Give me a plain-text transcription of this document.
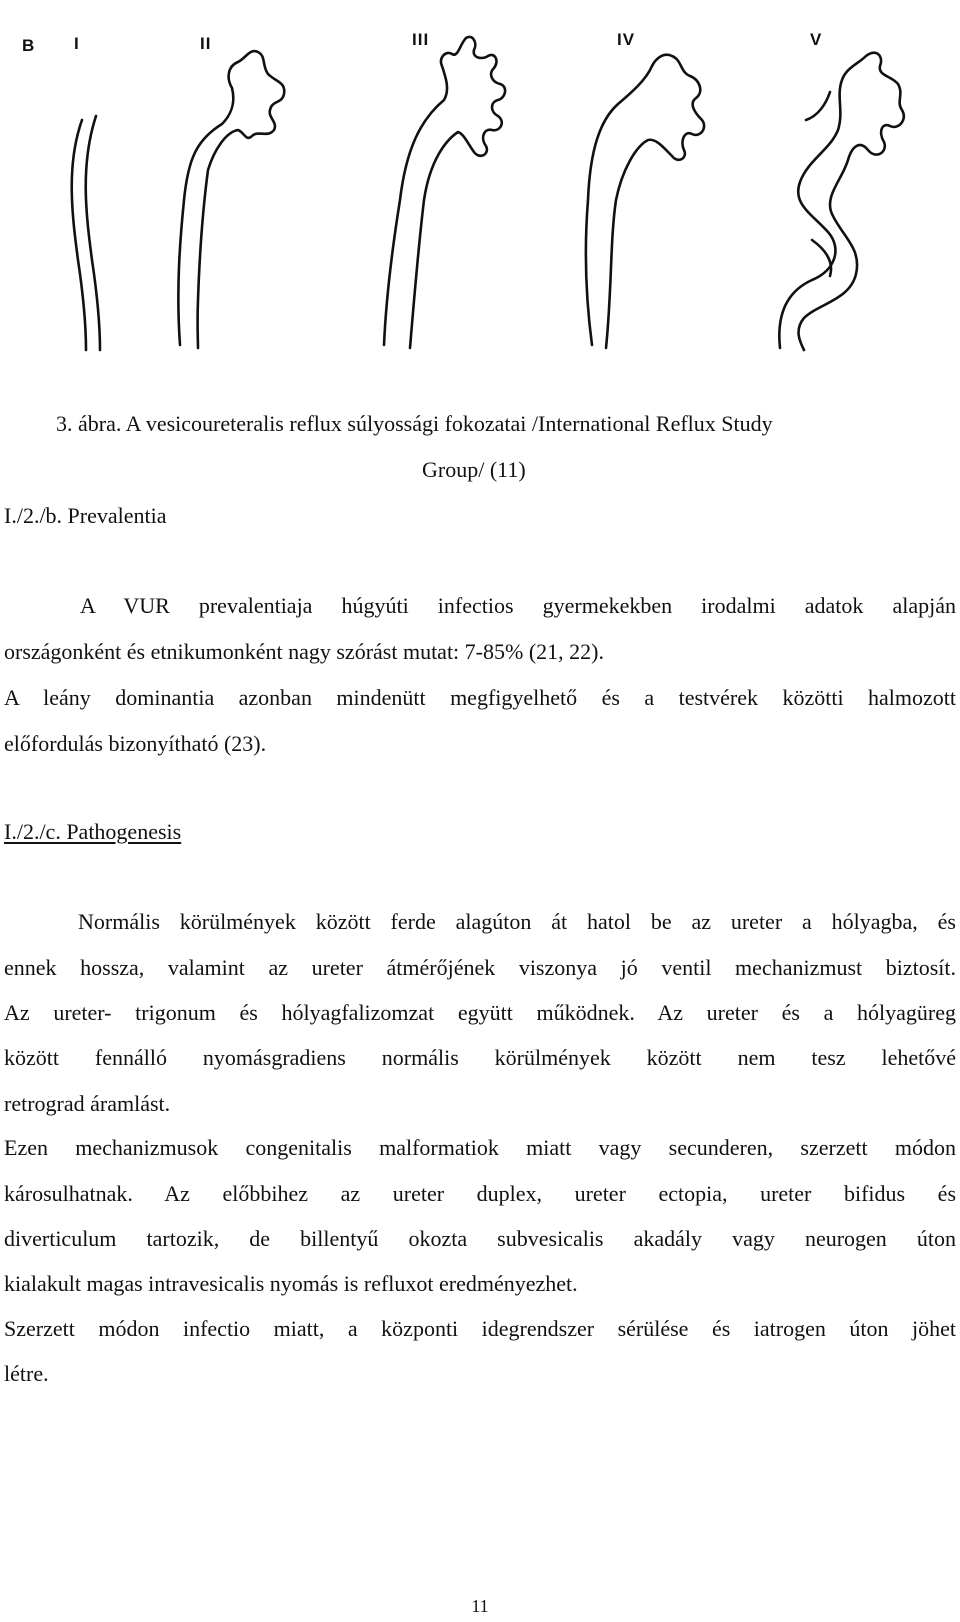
B I	II	III	IV	V
3. ábra. A vesicoureteralis reflux súlyossági fokozatai /International Reflux Study
Group/ (11)
I./2./b. Prevalentia
A VUR prevalentiaja húgyúti infectios gyermekekben irodalmi adatok alapján
országonként és etnikumonként nagy szórást mutat: 7-85% (21, 22).
A leány dominantia azonban mindenütt megfigyelhető és a testvérek közötti halmozott
előfordulás bizonyítható (23).
I./2./c. Pathogenesis
Normális körülmények között ferde alagúton át hatol be az ureter a hólyagba, és
ennek hossza, valamint az ureter átmérőjének viszonya jó ventil mechanizmust biztosít.
Az ureter- trigonum és hólyagfalizomzat együtt működnek. Az ureter és a hólyagüreg
között fennálló nyomásgradiens normális körülmények között nem tesz lehetővé
retrograd áramlást.
Ezen mechanizmusok congenitalis malformatiok miatt vagy secunderen, szerzett módon
károsulhatnak. Az előbbihez az ureter duplex, ureter ectopia, ureter bifidus és
diverticulum tartozik, de billentyű okozta subvesicalis akadály vagy neurogen úton
kialakult magas intravesicalis nyomás is refluxot eredményezhet.
Szerzett módon infectio miatt, a központi idegrendszer sérülése és iatrogen úton jöhet
létre.
11
